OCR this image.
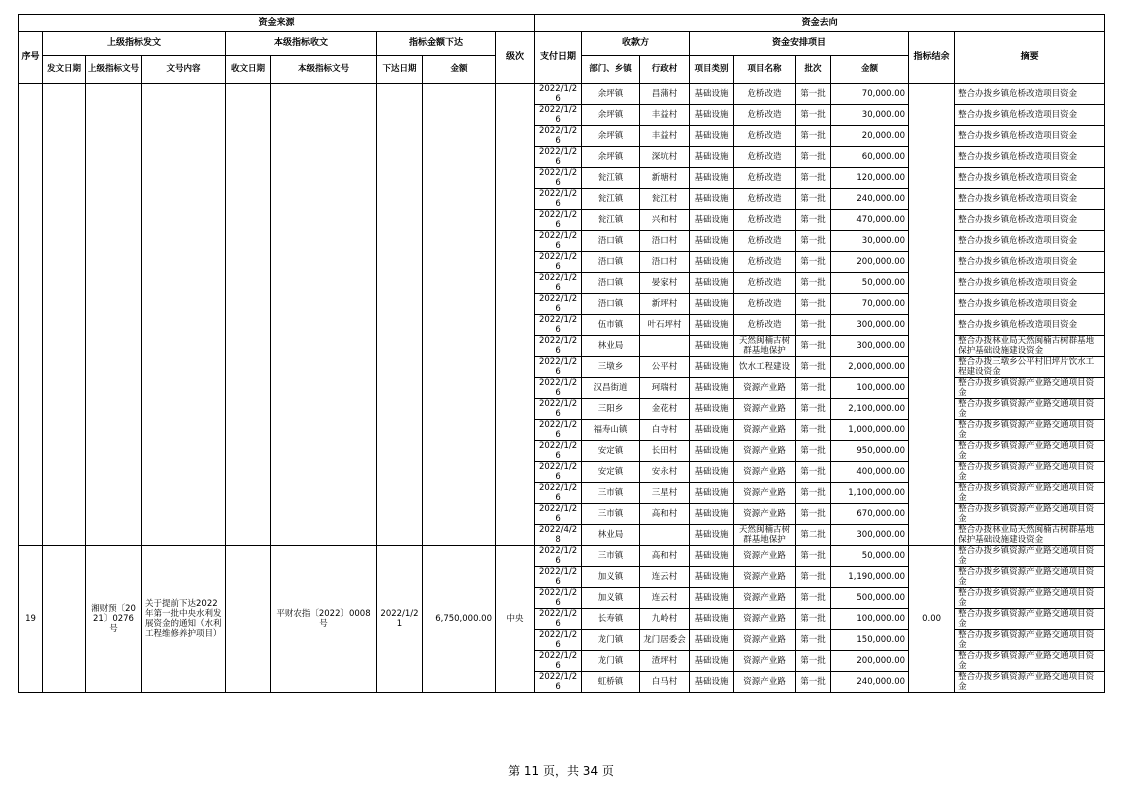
资金来源									资金去向								
序号	上级指标发文			本级指标收文		指标金额下达		级次	支付日期	收款方		资金安排项目				指标结余	摘要
	发文日期	上级指标文号	文号内容	收文日期	本级指标文号	下达日期	金额			部门、乡镇	行政村	项目类别	项目名称	批次	金额		
									2022/1/26	余坪镇	昌蒲村	基础设施	危桥改造	第一批	70,000.00		整合办拨乡镇危桥改造项目资金
									2022/1/26	余坪镇	丰益村	基础设施	危桥改造	第一批	30,000.00		整合办拨乡镇危桥改造项目资金
									2022/1/26	余坪镇	丰益村	基础设施	危桥改造	第一批	20,000.00		整合办拨乡镇危桥改造项目资金
									2022/1/26	余坪镇	深坑村	基础设施	危桥改造	第一批	60,000.00		整合办拨乡镇危桥改造项目资金
									2022/1/26	瓮江镇	新塘村	基础设施	危桥改造	第一批	120,000.00		整合办拨乡镇危桥改造项目资金
									2022/1/26	瓮江镇	瓮江村	基础设施	危桥改造	第一批	240,000.00		整合办拨乡镇危桥改造项目资金
									2022/1/26	瓮江镇	兴和村	基础设施	危桥改造	第一批	470,000.00		整合办拨乡镇危桥改造项目资金
									2022/1/26	浯口镇	浯口村	基础设施	危桥改造	第一批	30,000.00		整合办拨乡镇危桥改造项目资金
									2022/1/26	浯口镇	浯口村	基础设施	危桥改造	第一批	200,000.00		整合办拨乡镇危桥改造项目资金
									2022/1/26	浯口镇	晏家村	基础设施	危桥改造	第一批	50,000.00		整合办拨乡镇危桥改造项目资金
									2022/1/26	浯口镇	新坪村	基础设施	危桥改造	第一批	70,000.00		整合办拨乡镇危桥改造项目资金
									2022/1/26	伍市镇	叶石坪村	基础设施	危桥改造	第一批	300,000.00		整合办拨乡镇危桥改造项目资金
									2022/1/26	林业局		基础设施	天然闽楠古树群基地保护	第一批	300,000.00		整合办拨林业局天然闽楠古树群基地保护基础设施建设资金
									2022/1/26	三墩乡	公平村	基础设施	饮水工程建设	第一批	2,000,000.00		整合办拨三墩乡公平村旧坪片饮水工程建设资金
									2022/1/26	汉昌街道	珂瑞村	基础设施	资源产业路	第一批	100,000.00		整合办拨乡镇资源产业路交通项目资金
									2022/1/26	三阳乡	金花村	基础设施	资源产业路	第一批	2,100,000.00		整合办拨乡镇资源产业路交通项目资金
									2022/1/26	福寿山镇	白寺村	基础设施	资源产业路	第一批	1,000,000.00		整合办拨乡镇资源产业路交通项目资金
									2022/1/26	安定镇	长田村	基础设施	资源产业路	第一批	950,000.00		整合办拨乡镇资源产业路交通项目资金
									2022/1/26	安定镇	安永村	基础设施	资源产业路	第一批	400,000.00		整合办拨乡镇资源产业路交通项目资金
									2022/1/26	三市镇	三星村	基础设施	资源产业路	第一批	1,100,000.00		整合办拨乡镇资源产业路交通项目资金
									2022/1/26	三市镇	高和村	基础设施	资源产业路	第一批	670,000.00		整合办拨乡镇资源产业路交通项目资金
									2022/4/28	林业局		基础设施	天然闽楠古树群基地保护	第二批	300,000.00		整合办拨林业局天然闽楠古树群基地保护基础设施建设资金
19		湘财预〔2021〕0276号	关于提前下达2022年第一批中央水利发展资金的通知（水利工程维修养护项目）		平财农指〔2022〕0008号	2022/1/21	6,750,000.00	中央	2022/1/26	三市镇	高和村	基础设施	资源产业路	第一批	50,000.00	0.00	整合办拨乡镇资源产业路交通项目资金
									2022/1/26	加义镇	连云村	基础设施	资源产业路	第一批	1,190,000.00		整合办拨乡镇资源产业路交通项目资金
									2022/1/26	加义镇	连云村	基础设施	资源产业路	第一批	500,000.00		整合办拨乡镇资源产业路交通项目资金
									2022/1/26	长寿镇	九岭村	基础设施	资源产业路	第一批	100,000.00		整合办拨乡镇资源产业路交通项目资金
									2022/1/26	龙门镇	龙门居委会	基础设施	资源产业路	第一批	150,000.00		整合办拨乡镇资源产业路交通项目资金
									2022/1/26	龙门镇	渣坪村	基础设施	资源产业路	第一批	200,000.00		整合办拨乡镇资源产业路交通项目资金
									2022/1/26	虹桥镇	白马村	基础设施	资源产业路	第一批	240,000.00		整合办拨乡镇资源产业路交通项目资金
第 11 页，共 34 页
